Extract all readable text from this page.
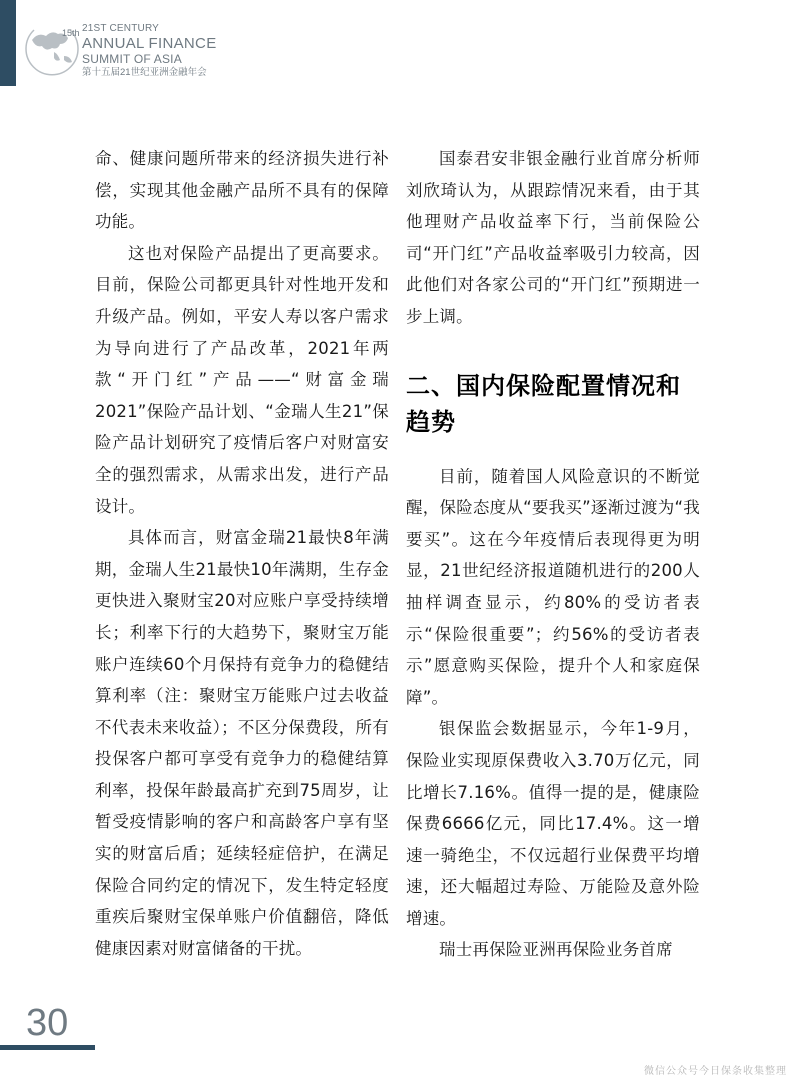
15th 21ST CENTURY
ANNUAL FINANCE
SUMMIT OF ASIA
第十五届21世纪亚洲金融年会

命、健康问题所带来的经济损失进行补偿，实现其他金融产品所不具有的保障功能。

这也对保险产品提出了更高要求。目前，保险公司都更具针对性地开发和升级产品。例如，平安人寿以客户需求为导向进行了产品改革，2021年两款“开门红”产品——“财富金瑞2021”保险产品计划、“金瑞人生21”保险产品计划研究了疫情后客户对财富安全的强烈需求，从需求出发，进行产品设计。

具体而言，财富金瑞21最快8年满期，金瑞人生21最快10年满期，生存金更快进入聚财宝20对应账户享受持续增长；利率下行的大趋势下，聚财宝万能账户连续60个月保持有竞争力的稳健结算利率（注：聚财宝万能账户过去收益不代表未来收益）；不区分保费段，所有投保客户都可享受有竞争力的稳健结算利率，投保年龄最高扩充到75周岁，让暂受疫情影响的客户和高龄客户享有坚实的财富后盾；延续轻症倍护，在满足保险合同约定的情况下，发生特定轻度重疾后聚财宝保单账户价值翻倍，降低健康因素对财富储备的干扰。

国泰君安非银金融行业首席分析师刘欣琦认为，从跟踪情况来看，由于其他理财产品收益率下行，当前保险公司“开门红”产品收益率吸引力较高，因此他们对各家公司的“开门红”预期进一步上调。

二、国内保险配置情况和趋势

目前，随着国人风险意识的不断觉醒，保险态度从“要我买”逐渐过渡为“我要买”。这在今年疫情后表现得更为明显，21世纪经济报道随机进行的200人抽样调查显示，约80%的受访者表示“保险很重要”；约56%的受访者表示”愿意购买保险，提升个人和家庭保障”。

银保监会数据显示，今年1-9月，保险业实现原保费收入3.70万亿元，同比增长7.16%。值得一提的是，健康险保费6666亿元，同比17.4%。这一增速一骑绝尘，不仅远超行业保费平均增速，还大幅超过寿险、万能险及意外险增速。

瑞士再保险亚洲再保险业务首席

30
微信公众号今日保条收集整理
